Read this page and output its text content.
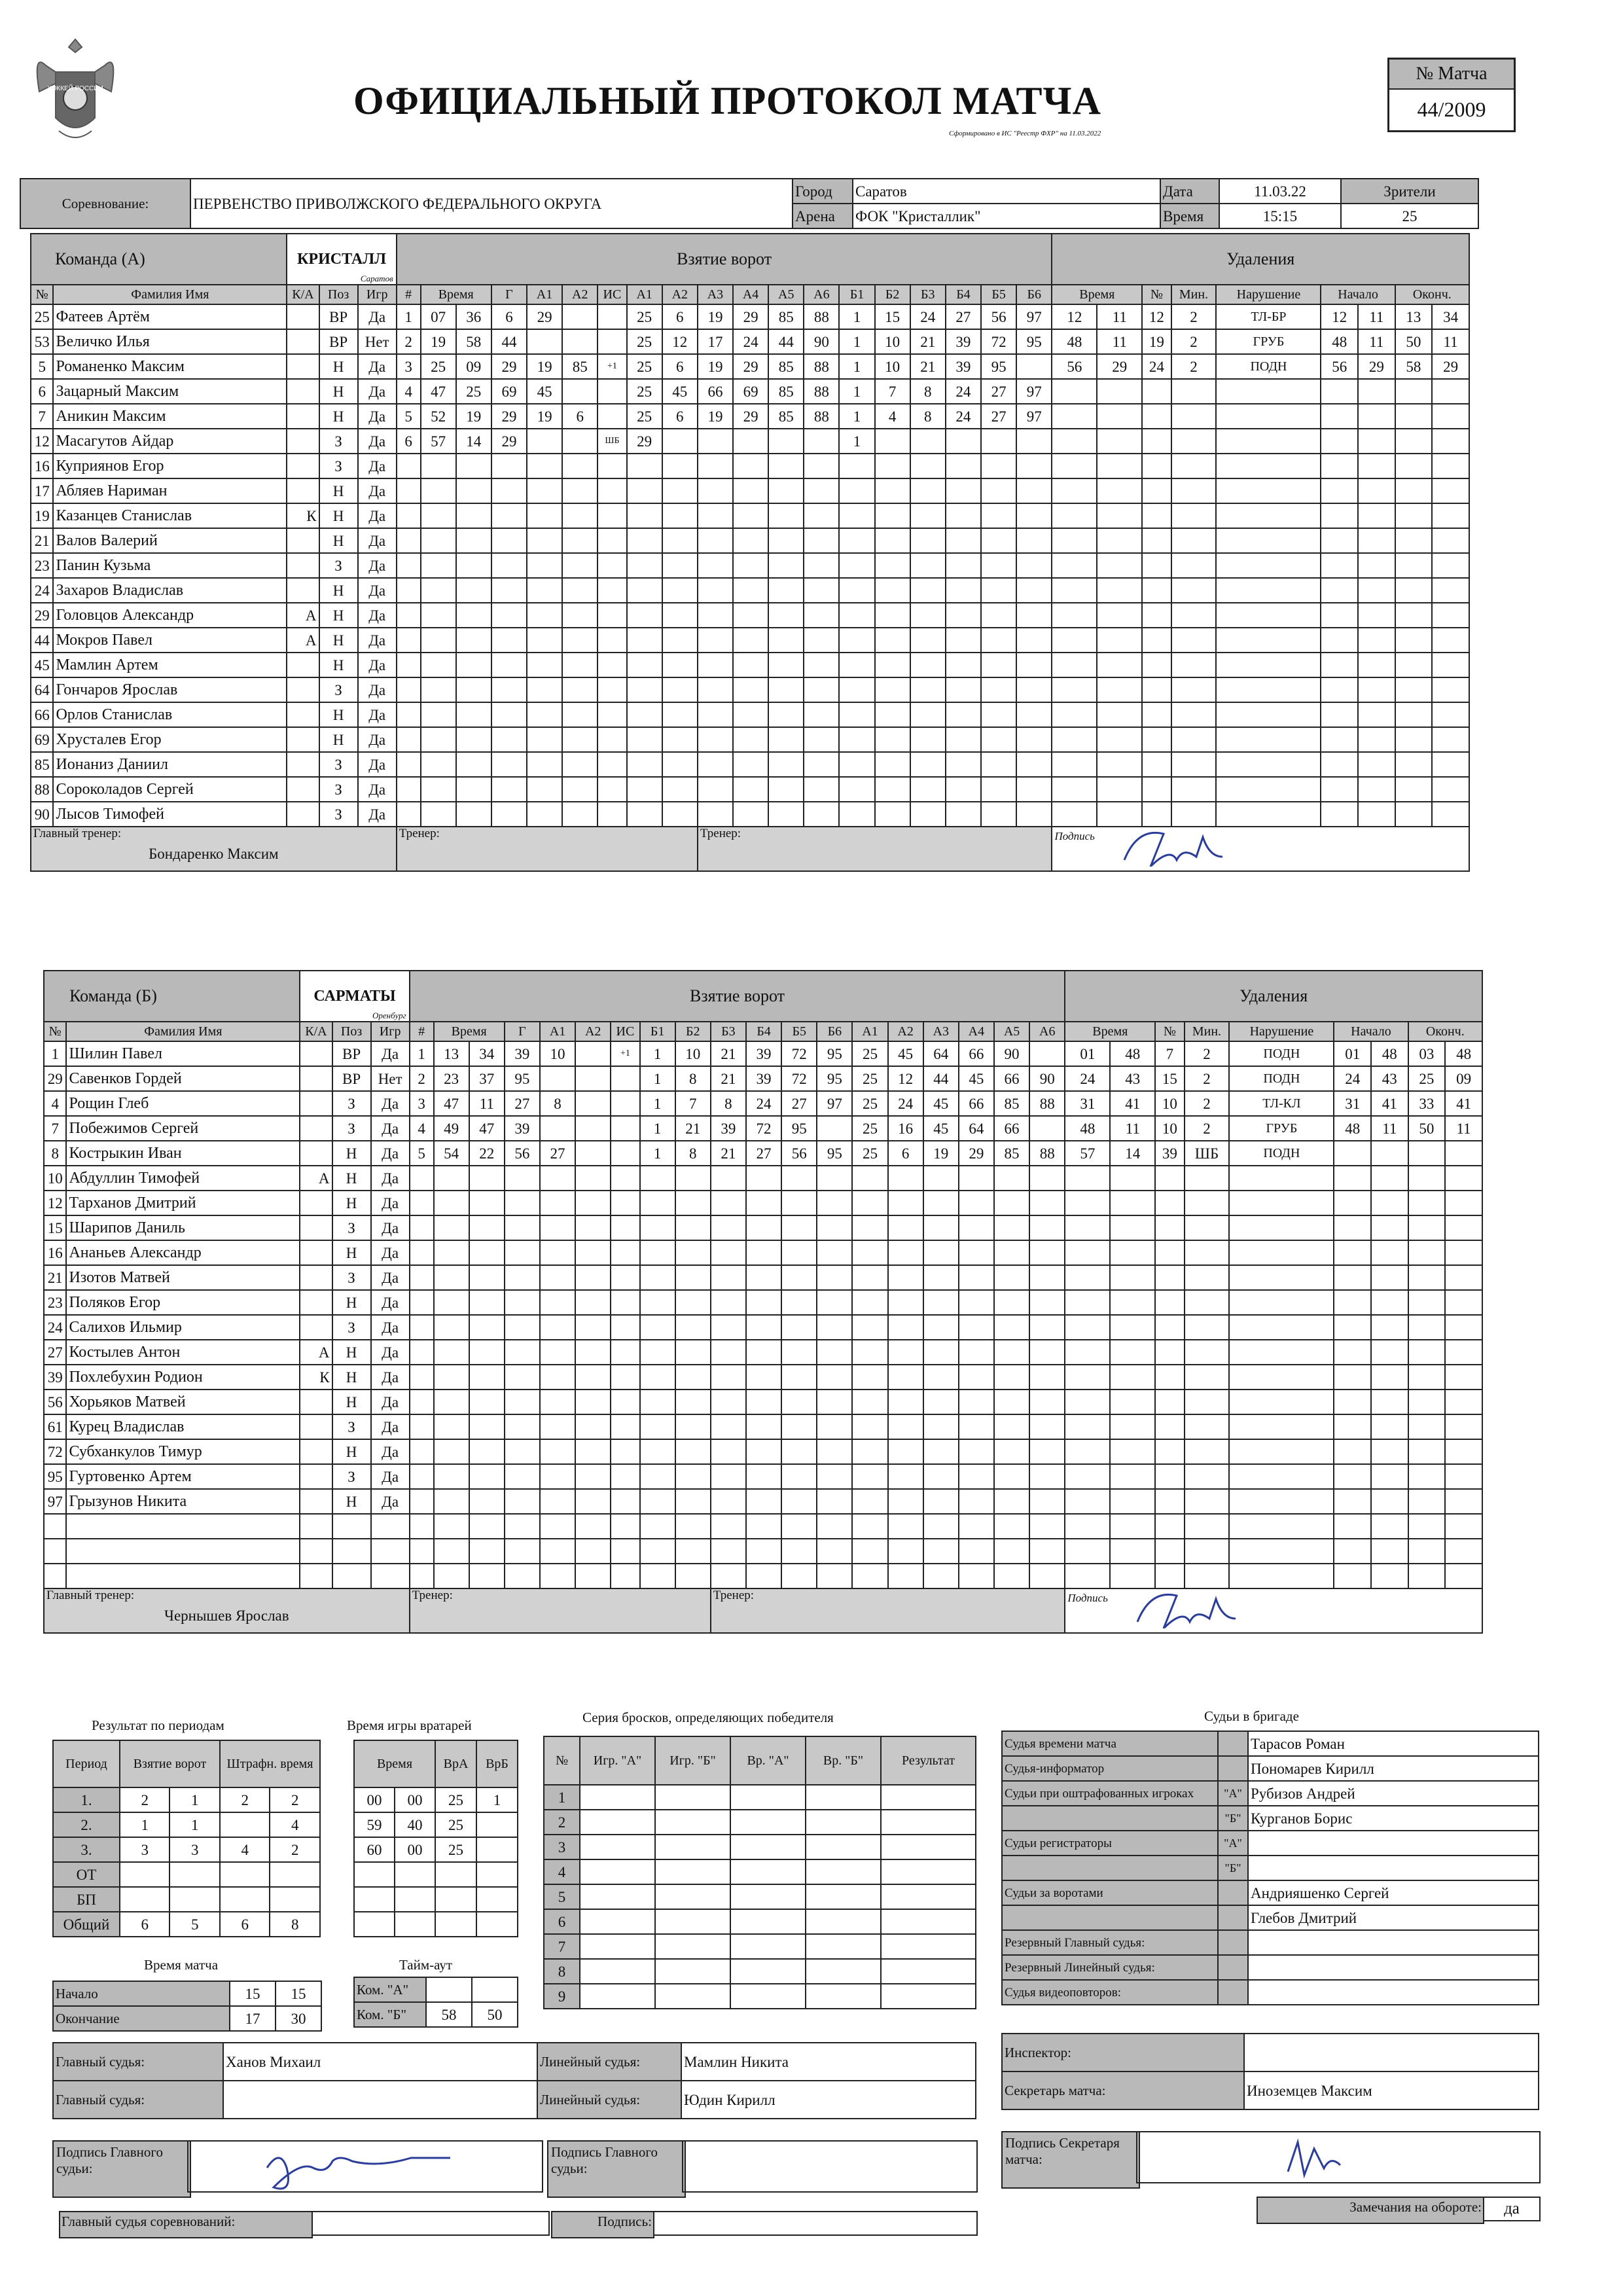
ХОККЕЙ РОССИИ	ОФИЦИАЛЬНЫЙ ПРОТОКОЛ МАТЧА
Сформировано в ИС "Реестр ФХР" на 11.03.2022
№ Матча
44/2009
Соревнование:	ПЕРВЕНСТВО ПРИВОЛЖСКОГО ФЕДЕРАЛЬНОГО ОКРУГА	Город	Саратов	Дата	11.03.22	Зрители
		Арена	ФОК "Кристаллик"	Время	15:15	25
Команда (А)		КРИСТАЛЛ
Саратов			Взятие ворот																			Удаления								
№	Фамилия Имя	К/А	Поз	Игр	#	Время		Г	А1	А2	ИС	А1	А2	А3	А4	А5	А6	Б1	Б2	Б3	Б4	Б5	Б6	Время		№	Мин.	Нарушение	Начало		Оконч.	
25	Фатеев Артём		ВР	Да	1	07	36	6	29			25	6	19	29	85	88	1	15	24	27	56	97	12	11	12	2	ТЛ-БР	12	11	13	34
53	Величко Илья		ВР	Нет	2	19	58	44				25	12	17	24	44	90	1	10	21	39	72	95	48	11	19	2	ГРУБ	48	11	50	11
5	Романенко Максим		Н	Да	3	25	09	29	19	85	+1	25	6	19	29	85	88	1	10	21	39	95		56	29	24	2	ПОДН	56	29	58	29
6	Зацарный Максим		Н	Да	4	47	25	69	45			25	45	66	69	85	88	1	7	8	24	27	97									
7	Аникин Максим		Н	Да	5	52	19	29	19	6		25	6	19	29	85	88	1	4	8	24	27	97									
12	Масагутов Айдар		З	Да	6	57	14	29			ШБ	29						1														
16	Куприянов Егор		З	Да																												
17	Абляев Нариман		Н	Да																												
19	Казанцев Станислав	К	Н	Да																												
21	Валов Валерий		Н	Да																												
23	Панин Кузьма		З	Да																												
24	Захаров Владислав		Н	Да																												
29	Головцов Александр	А	Н	Да																												
44	Мокров Павел	А	Н	Да																												
45	Мамлин Артем		Н	Да																												
64	Гончаров Ярослав		З	Да																												
66	Орлов Станислав		Н	Да																												
69	Хрусталев Егор		Н	Да																												
85	Ионаниз Даниил		З	Да																												
88	Сороколадов Сергей		З	Да																												
90	Лысов Тимофей		З	Да																												

Главный тренер:
Бондаренко Максим					Тренер:									Тренер:										Подпись								
Команда (Б)		САРМАТЫ
Оренбург			Взятие ворот																			Удаления								
№	Фамилия Имя	К/А	Поз	Игр	#	Время		Г	А1	А2	ИС	Б1	Б2	Б3	Б4	Б5	Б6	А1	А2	А3	А4	А5	А6	Время		№	Мин.	Нарушение	Начало		Оконч.	
1	Шилин Павел		ВР	Да	1	13	34	39	10		+1	1	10	21	39	72	95	25	45	64	66	90		01	48	7	2	ПОДН	01	48	03	48
29	Савенков Гордей		ВР	Нет	2	23	37	95				1	8	21	39	72	95	25	12	44	45	66	90	24	43	15	2	ПОДН	24	43	25	09
4	Рощин Глеб		З	Да	3	47	11	27	8			1	7	8	24	27	97	25	24	45	66	85	88	31	41	10	2	ТЛ-КЛ	31	41	33	41
7	Побежимов Сергей		З	Да	4	49	47	39				1	21	39	72	95		25	16	45	64	66		48	11	10	2	ГРУБ	48	11	50	11
8	Кострыкин Иван		Н	Да	5	54	22	56	27			1	8	21	27	56	95	25	6	19	29	85	88	57	14	39	ШБ	ПОДН				
10	Абдуллин Тимофей	А	Н	Да																												
12	Тарханов Дмитрий		Н	Да																												
15	Шарипов Даниль		З	Да																												
16	Ананьев Александр		Н	Да																												
21	Изотов Матвей		З	Да																												
23	Поляков Егор		Н	Да																												
24	Салихов Ильмир		З	Да																												
27	Костылев Антон	А	Н	Да																												
39	Похлебухин Родион	К	Н	Да																												
56	Хорьяков Матвей		Н	Да																												
61	Курец Владислав		З	Да																												
72	Субханкулов Тимур		Н	Да																												
95	Гуртовенко Артем		З	Да																												
97	Грызунов Никита		Н	Да																												

Главный тренер:
Чернышев Ярослав					Тренер:									Тренер:										Подпись								
Результат по периодам
Период	Взятие ворот		Штрафн. время	
1.	2	1	2	2
2.	1	1		4
3.	3	3	4	2
ОТ				
БП				
Общий	6	5	6	8
Время игры вратарей
Время		ВрА	ВрБ
00	00	25	1
59	40	25	
60	00	25	

Серия бросков, определяющих победителя
№	Игр. "А"	Игр. "Б"	Вр. "А"	Вр. "Б"	Результат
1					
2					
3					
4					
5					
6					
7					
8					
9					
Время матча
Начало	15	15
Окончание	17	30
Тайм-аут
Ком. "А"		
Ком. "Б"	58	50
Судьи в бригаде
Судья времени матча		Тарасов Роман
Судья-информатор		Пономарев Кирилл
Судьи при оштрафованных игроках	"А"	Рубизов Андрей
	"Б"	Курганов Борис
Судьи регистраторы	"А"	
	"Б"	
Судьи за воротами		Андрияшенко Сергей
		Глебов Дмитрий
Резервный Главный судья:		
Резервный Линейный судья:		
Судья видеоповторов:		
Главный судья:	Ханов Михаил	Линейный судья:	Мамлин Никита
Главный судья:		Линейный судья:	Юдин Кирилл
Инспектор:	
Секретарь матча:	Иноземцев Максим
Подпись Главного судьи:
Подпись Главного судьи:
Подпись Секретаря матча:
Главный судья соревнований:	Подпись:
Замечания на обороте:	да
